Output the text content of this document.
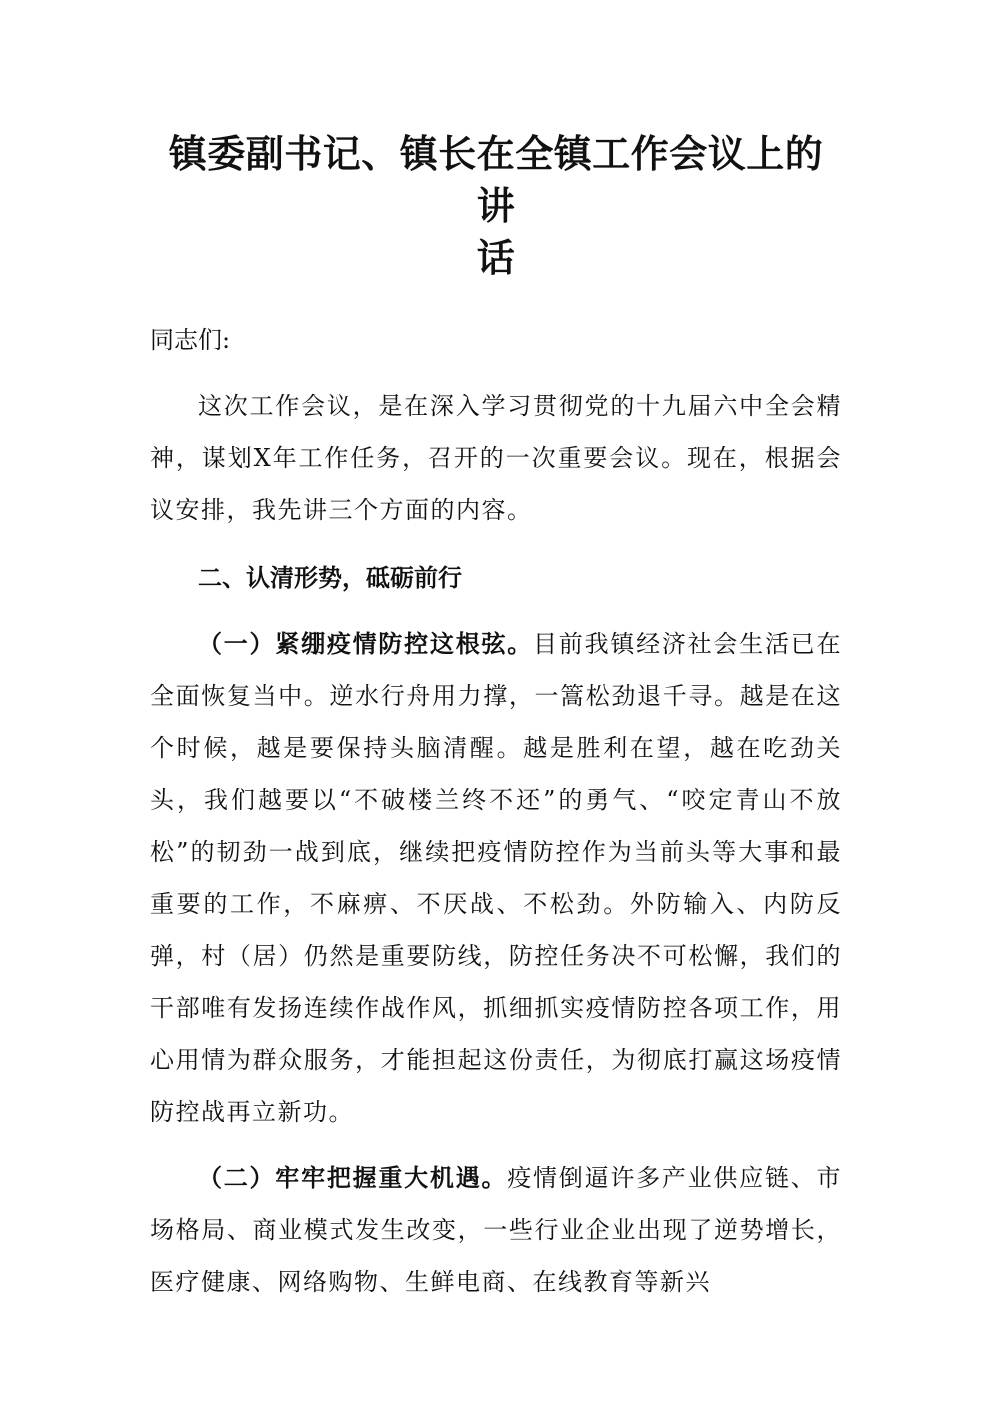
镇委副书记、镇长在全镇工作会议上的讲
话

同志们:

这次工作会议，是在深入学习贯彻党的十九届六中全会精神，谋划X年工作任务，召开的一次重要会议。现在，根据会议安排，我先讲三个方面的内容。

二、认清形势，砥砺前行

（一）紧绷疫情防控这根弦。目前我镇经济社会生活已在全面恢复当中。逆水行舟用力撑，一篙松劲退千寻。越是在这个时候，越是要保持头脑清醒。越是胜利在望，越在吃劲关头，我们越要以“不破楼兰终不还”的勇气、“咬定青山不放松”的韧劲一战到底，继续把疫情防控作为当前头等大事和最重要的工作，不麻痹、不厌战、不松劲。外防输入、内防反弹，村（居）仍然是重要防线，防控任务决不可松懈，我们的干部唯有发扬连续作战作风，抓细抓实疫情防控各项工作，用心用情为群众服务，才能担起这份责任，为彻底打赢这场疫情防控战再立新功。

（二）牢牢把握重大机遇。疫情倒逼许多产业供应链、市场格局、商业模式发生改变，一些行业企业出现了逆势增长，医疗健康、网络购物、生鲜电商、在线教育等新兴
